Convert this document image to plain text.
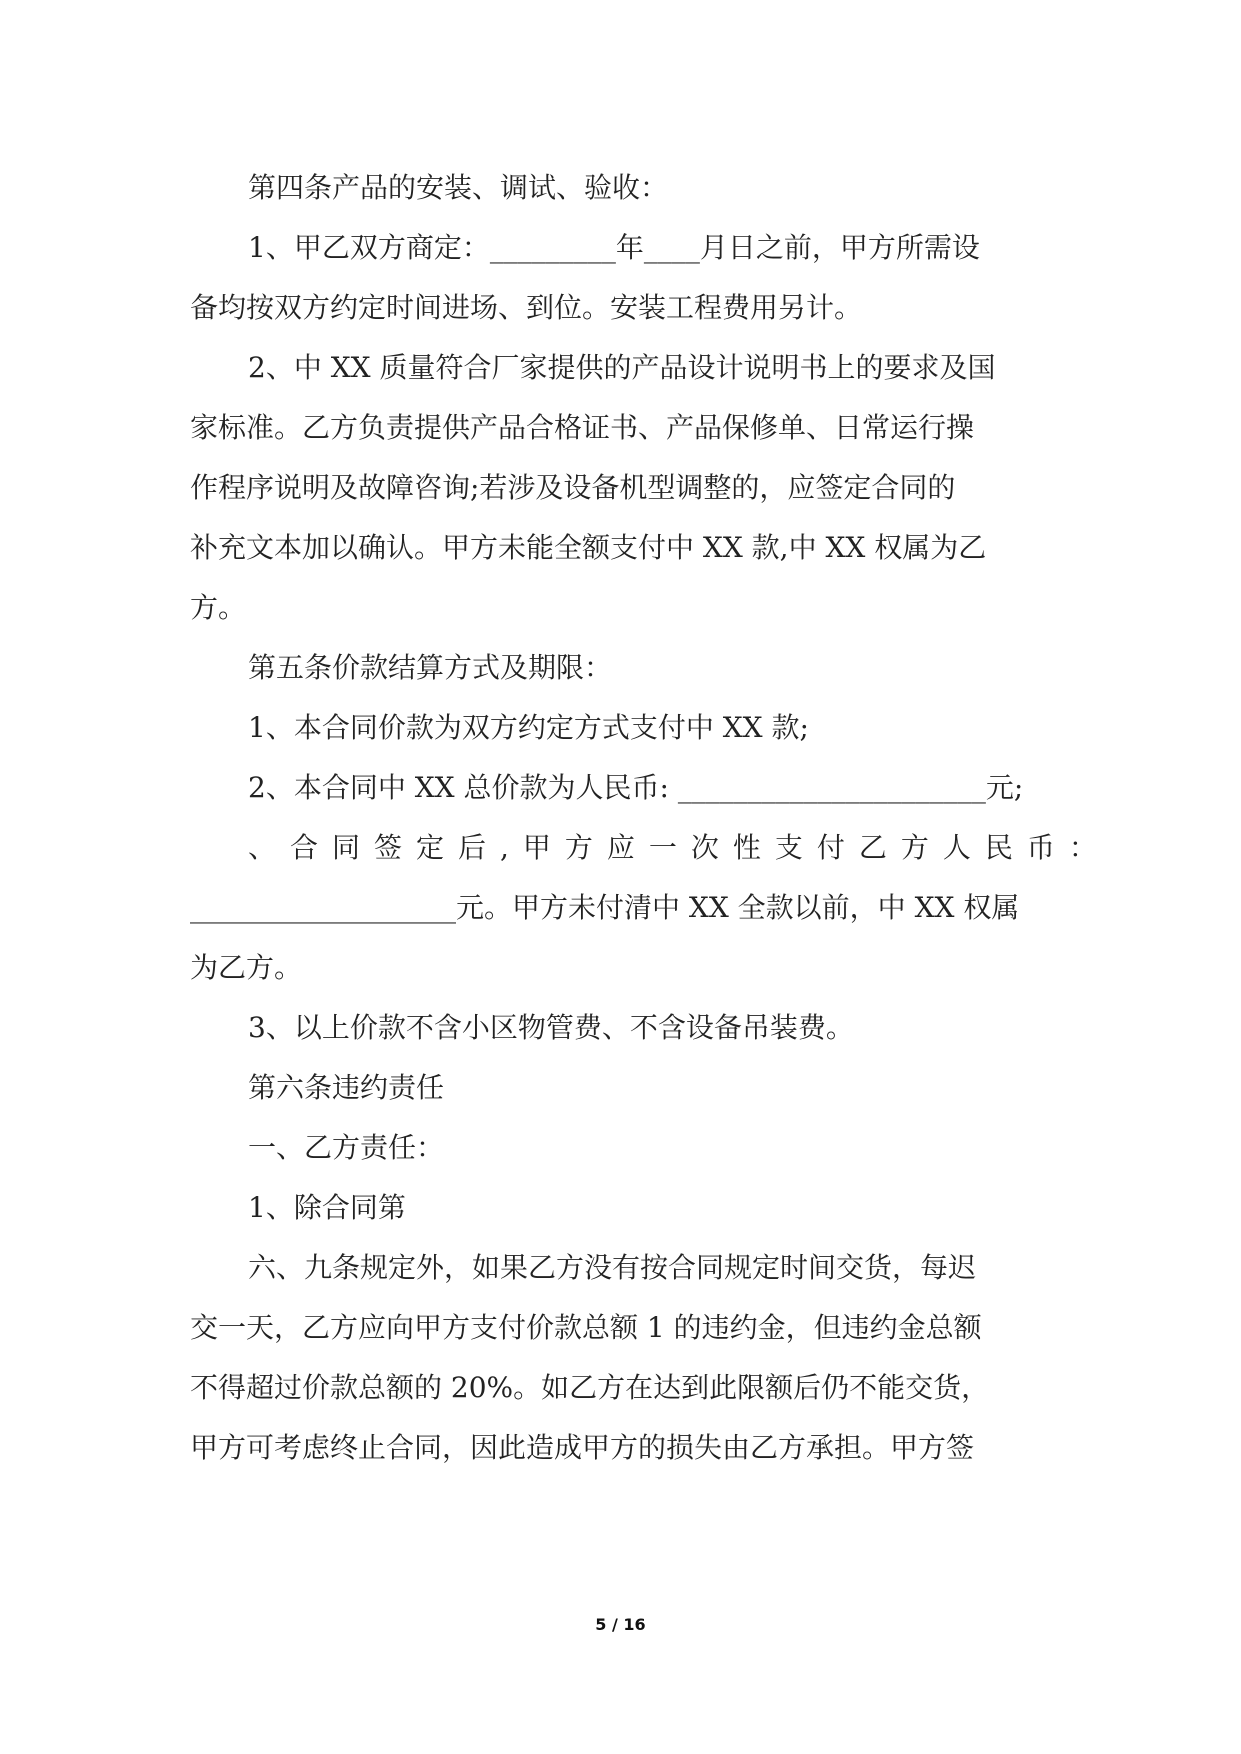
第四条产品的安装、调试、验收：
1、甲乙双方商定：_________年____月日之前，甲方所需设
备均按双方约定时间进场、到位。安装工程费用另计。
2、中 XX 质量符合厂家提供的产品设计说明书上的要求及国
家标准。乙方负责提供产品合格证书、产品保修单、日常运行操
作程序说明及故障咨询;若涉及设备机型调整的，应签定合同的
补充文本加以确认。甲方未能全额支付中 XX 款,中 XX 权属为乙
方。
第五条价款结算方式及期限：
1、本合同价款为双方约定方式支付中 XX 款;
2、本合同中 XX 总价款为人民币: ______________________元;
、合同签定后,甲方应一次性支付乙方人民币：
___________________元。甲方未付清中 XX 全款以前，中 XX 权属
为乙方。
3、以上价款不含小区物管费、不含设备吊装费。
第六条违约责任
一、乙方责任：
1、除合同第
六、九条规定外，如果乙方没有按合同规定时间交货，每迟
交一天，乙方应向甲方支付价款总额 1 的违约金，但违约金总额
不得超过价款总额的 20%。如乙方在达到此限额后仍不能交货，
甲方可考虑终止合同，因此造成甲方的损失由乙方承担。甲方签
5 / 16
